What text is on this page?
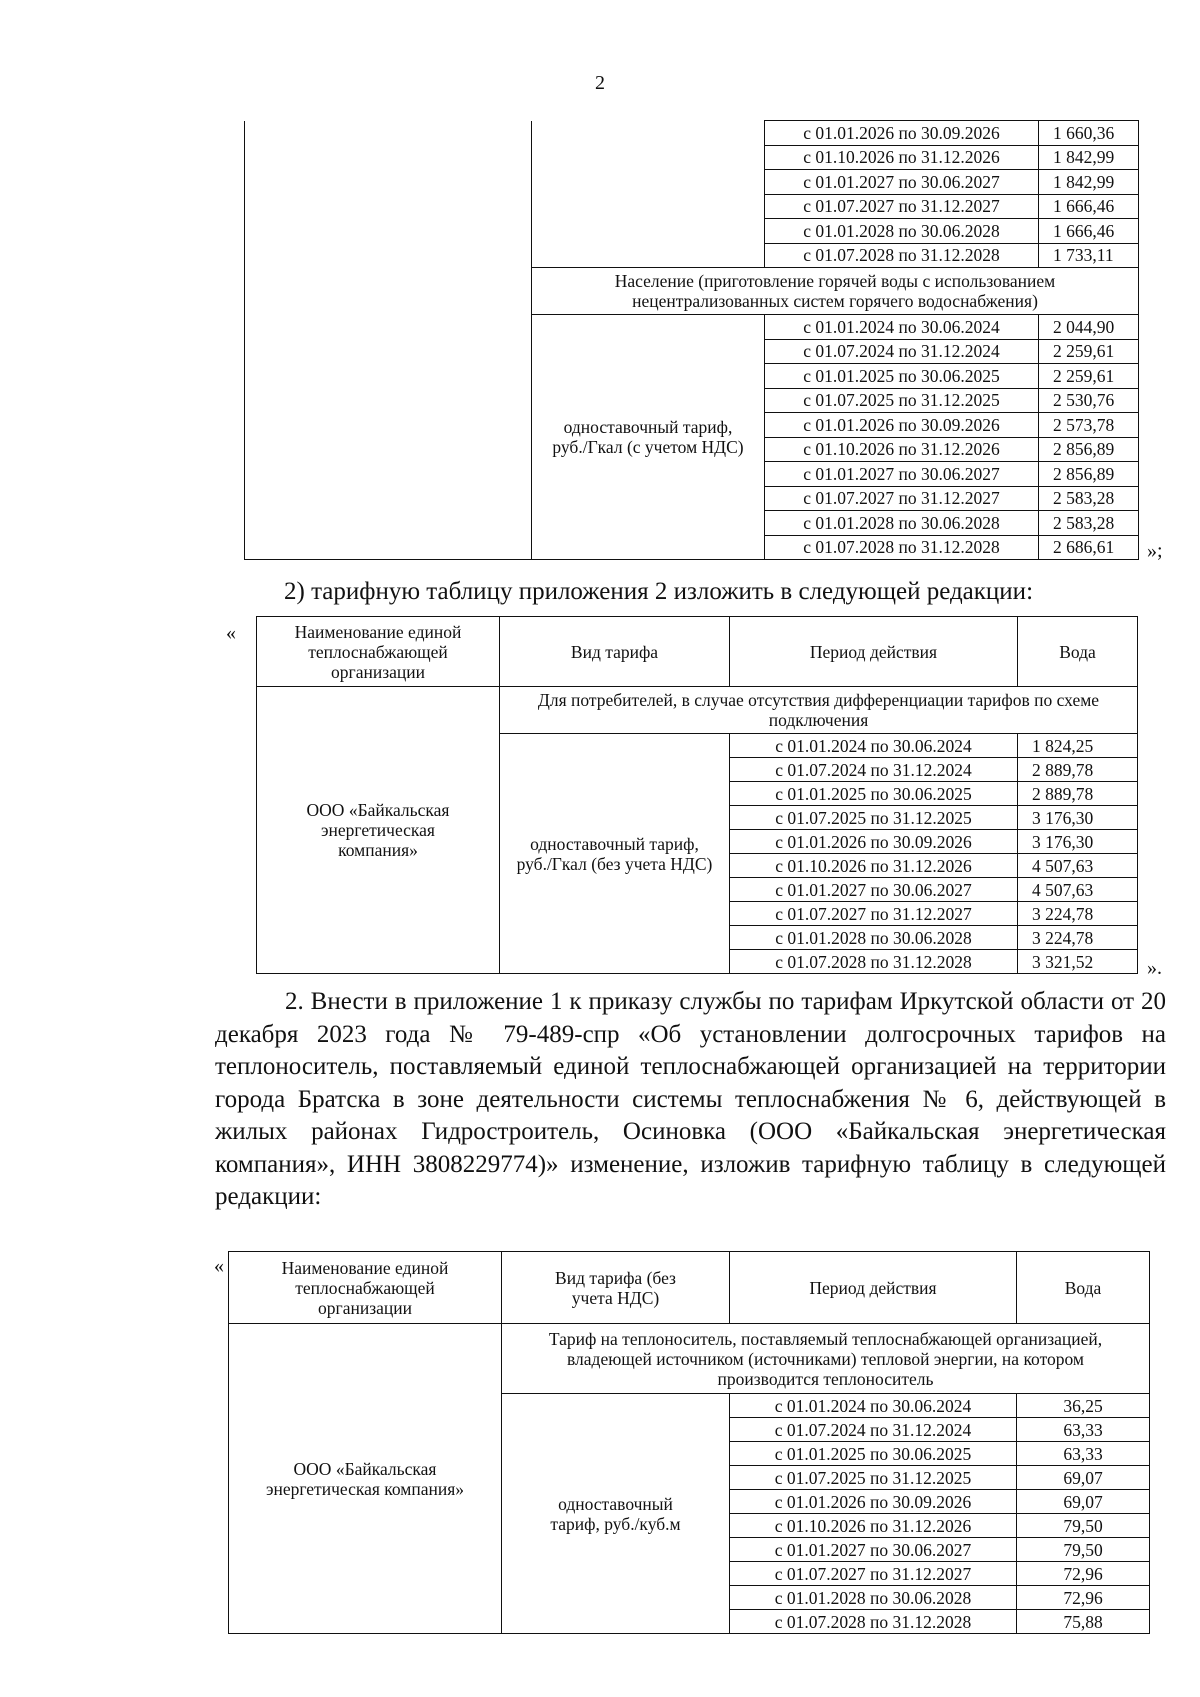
2
		с 01.01.2026 по 30.09.2026	1 660,36
		с 01.10.2026 по 31.12.2026	1 842,99
		с 01.01.2027 по 30.06.2027	1 842,99
		с 01.07.2027 по 31.12.2027	1 666,46
		с 01.01.2028 по 30.06.2028	1 666,46
		с 01.07.2028 по 31.12.2028	1 733,11
	Население (приготовление горячей воды с использованием нецентрализованных систем горячего водоснабжения)		
	одноставочный тариф, руб./Гкал (с учетом НДС)	с 01.01.2024 по 30.06.2024	2 044,90
		с 01.07.2024 по 31.12.2024	2 259,61
		с 01.01.2025 по 30.06.2025	2 259,61
		с 01.07.2025 по 31.12.2025	2 530,76
		с 01.01.2026 по 30.09.2026	2 573,78
		с 01.10.2026 по 31.12.2026	2 856,89
		с 01.01.2027 по 30.06.2027	2 856,89
		с 01.07.2027 по 31.12.2027	2 583,28
		с 01.01.2028 по 30.06.2028	2 583,28
		с 01.07.2028 по 31.12.2028	2 686,61 »;
2) тарифную таблицу приложения 2 изложить в следующей редакции:
«	Наименование единой теплоснабжающей организации	Вид тарифа	Период действия	Вода
ООО «Байкальская энергетическая компания»	Для потребителей, в случае отсутствия дифференциации тарифов по схеме подключения		
	одноставочный тариф, руб./Гкал (без учета НДС)	с 01.01.2024 по 30.06.2024	1 824,25
		с 01.07.2024 по 31.12.2024	2 889,78
		с 01.01.2025 по 30.06.2025	2 889,78
		с 01.07.2025 по 31.12.2025	3 176,30
		с 01.01.2026 по 30.09.2026	3 176,30
		с 01.10.2026 по 31.12.2026	4 507,63
		с 01.01.2027 по 30.06.2027	4 507,63
		с 01.07.2027 по 31.12.2027	3 224,78
		с 01.01.2028 по 30.06.2028	3 224,78
		с 01.07.2028 по 31.12.2028	3 321,52	».
2. Внести в приложение 1 к приказу службы по тарифам Иркутской области от 20 декабря 2023 года № 79-489-спр «Об установлении долгосрочных тарифов на теплоноситель, поставляемый единой теплоснабжающей организацией на территории города Братска в зоне деятельности системы теплоснабжения № 6, действующей в жилых районах Гидростроитель, Осиновка (ООО «Байкальская энергетическая компания», ИНН 3808229774)» изменение, изложив тарифную таблицу в следующей редакции:
«	Наименование единой теплоснабжающей организации	Вид тарифа (без учета НДС)	Период действия	Вода
ООО «Байкальская энергетическая компания»	Тариф на теплоноситель, поставляемый теплоснабжающей организацией, владеющей источником (источниками) тепловой энергии, на котором производится теплоноситель		
	одноставочный тариф, руб./куб.м	с 01.01.2024 по 30.06.2024	36,25
		с 01.07.2024 по 31.12.2024	63,33
		с 01.01.2025 по 30.06.2025	63,33
		с 01.07.2025 по 31.12.2025	69,07
		с 01.01.2026 по 30.09.2026	69,07
		с 01.10.2026 по 31.12.2026	79,50
		с 01.01.2027 по 30.06.2027	79,50
		с 01.07.2027 по 31.12.2027	72,96
		с 01.01.2028 по 30.06.2028	72,96
		с 01.07.2028 по 31.12.2028	75,88
